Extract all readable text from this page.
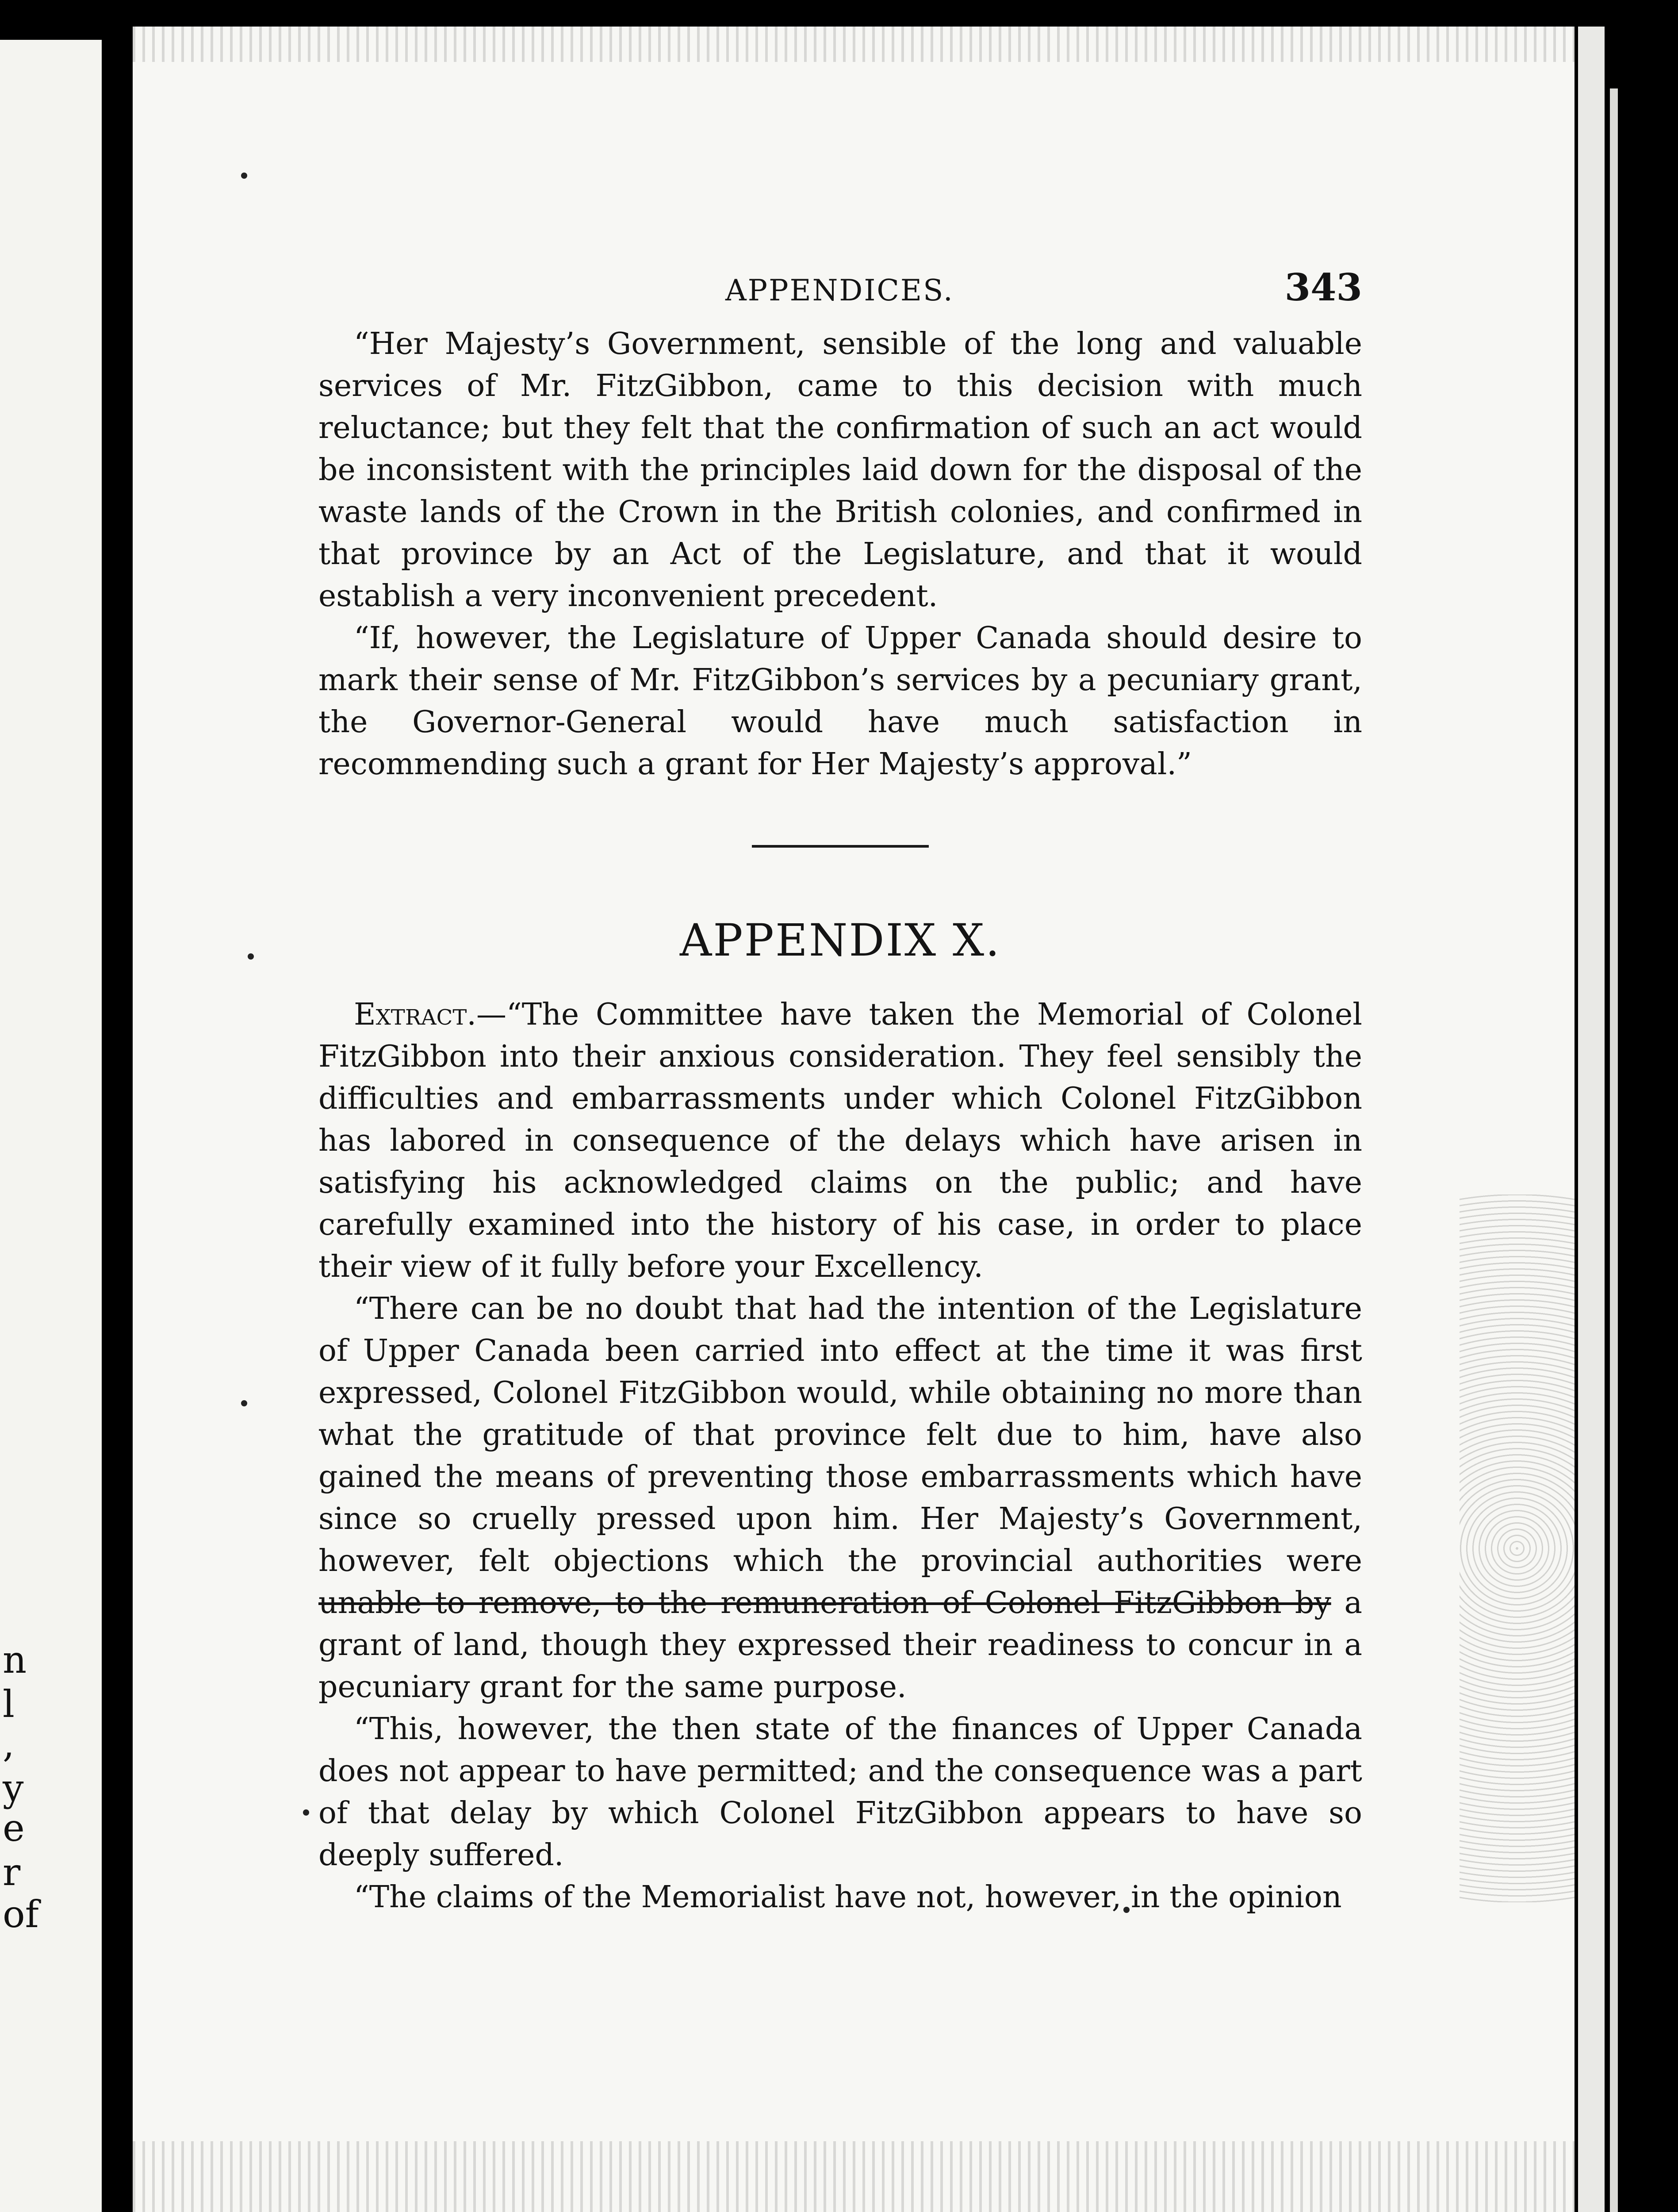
n
l
,
y
e
r
of
APPENDICES.	343

“Her Majesty’s Government, sensible of the long and valuable services of Mr. FitzGibbon, came to this decision with much reluctance; but they felt that the confirmation of such an act would be inconsistent with the principles laid down for the disposal of the waste lands of the Crown in the British colonies, and confirmed in that province by an Act of the Legislature, and that it would establish a very inconvenient precedent.

“If, however, the Legislature of Upper Canada should desire to mark their sense of Mr. FitzGibbon’s services by a pecuniary grant, the Governor-General would have much satisfaction in recommending such a grant for Her Majesty’s approval.”

APPENDIX X.

Extract.—“The Committee have taken the Memorial of Colonel FitzGibbon into their anxious consideration. They feel sensibly the difficulties and embarrassments under which Colonel FitzGibbon has labored in consequence of the delays which have arisen in satisfying his acknowledged claims on the public; and have carefully examined into the history of his case, in order to place their view of it fully before your Excellency.

“There can be no doubt that had the intention of the Legislature of Upper Canada been carried into effect at the time it was first expressed, Colonel FitzGibbon would, while obtaining no more than what the gratitude of that province felt due to him, have also gained the means of preventing those embarrassments which have since so cruelly pressed upon him. Her Majesty’s Government, however, felt objections which the provincial authorities were unable to remove, to the remuneration of Colonel FitzGibbon by a grant of land, though they expressed their readiness to concur in a pecuniary grant for the same purpose.

“This, however, the then state of the finances of Upper Canada does not appear to have permitted; and the consequence was a part of that delay by which Colonel FitzGibbon appears to have so deeply suffered.

“The claims of the Memorialist have not, however, in the opinion
